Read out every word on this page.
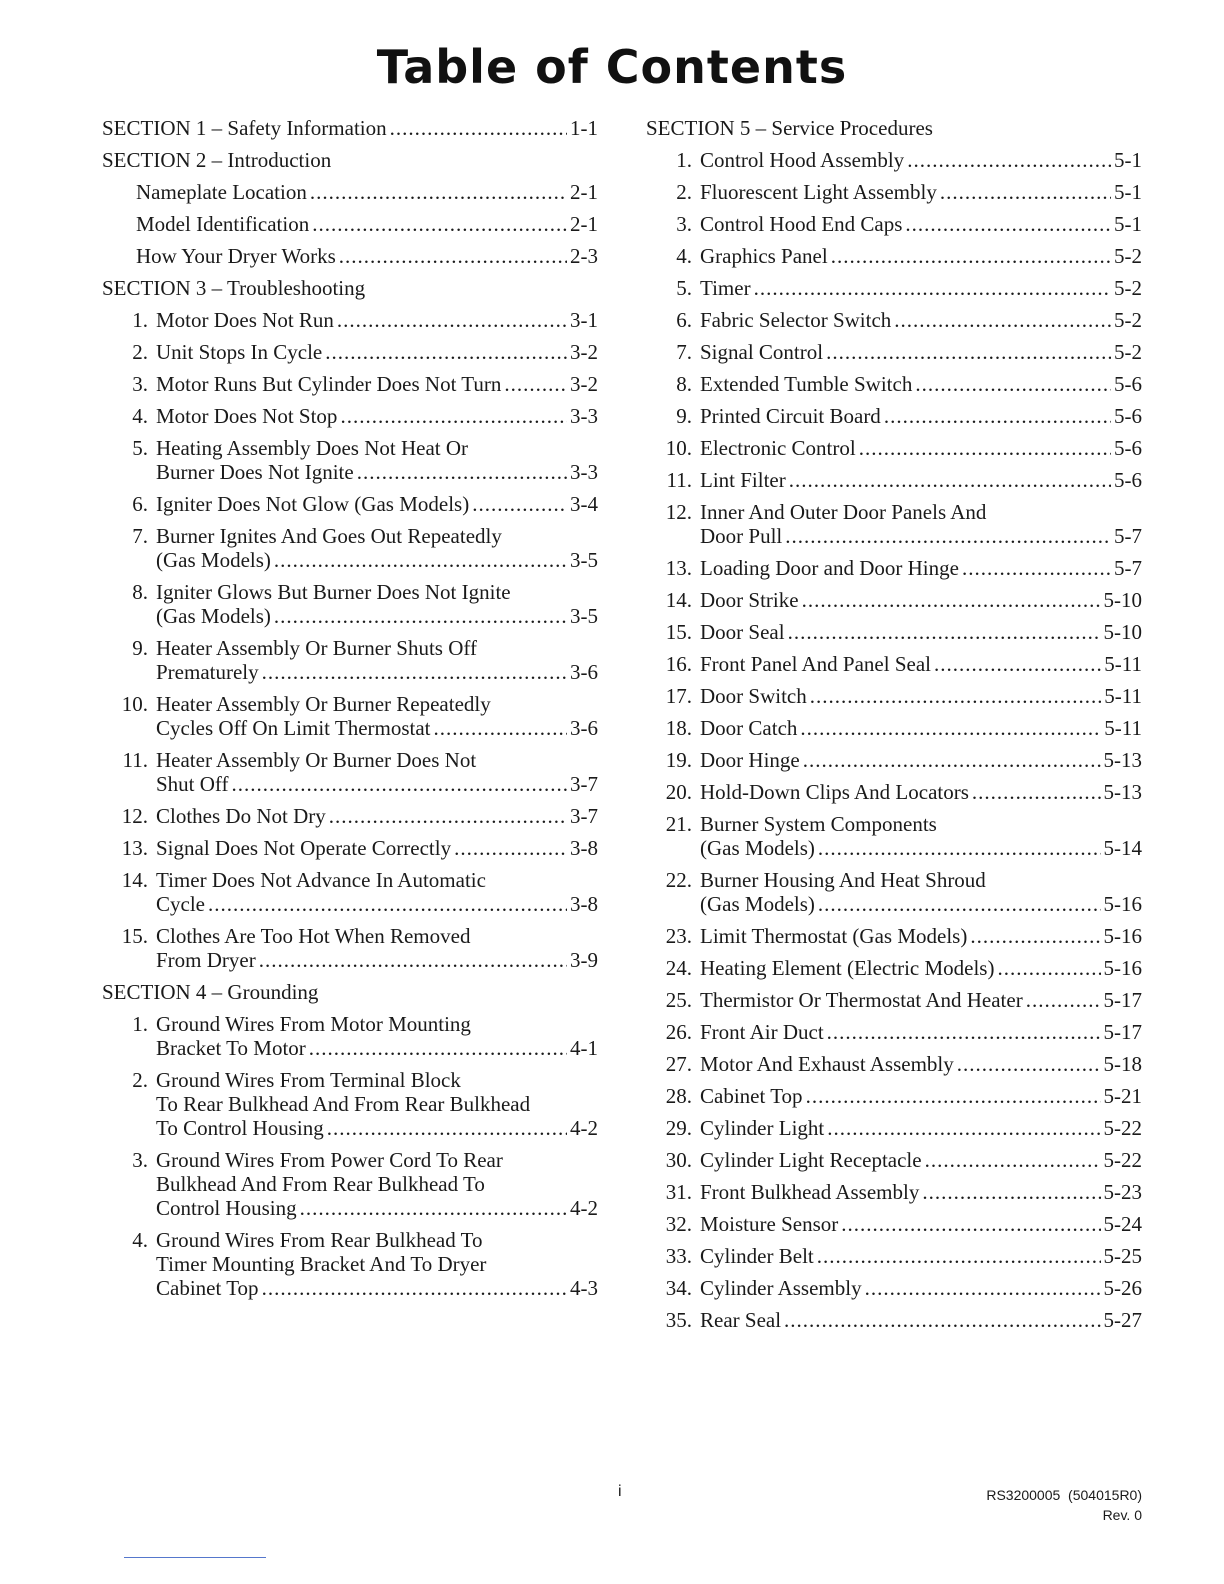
Table of Contents
SECTION 1 – Safety Information .....	1-1
SECTION 2 – Introduction
Nameplate Location .....	2-1
Model Identification .....	2-1
How Your Dryer Works .....	2-3
SECTION 3 – Troubleshooting
1. Motor Does Not Run .....	3-1
2. Unit Stops In Cycle .....	3-2
3. Motor Runs But Cylinder Does Not Turn .....	3-2
4. Motor Does Not Stop .....	3-3
5. Heating Assembly Does Not Heat Or
Burner Does Not Ignite .....	3-3
6. Igniter Does Not Glow (Gas Models) .....	3-4
7. Burner Ignites And Goes Out Repeatedly
(Gas Models) .....	3-5
8. Igniter Glows But Burner Does Not Ignite
(Gas Models) .....	3-5
9. Heater Assembly Or Burner Shuts Off
Prematurely .....	3-6
10. Heater Assembly Or Burner Repeatedly
Cycles Off On Limit Thermostat .....	3-6
11. Heater Assembly Or Burner Does Not
Shut Off .....	3-7
12. Clothes Do Not Dry .....	3-7
13. Signal Does Not Operate Correctly .....	3-8
14. Timer Does Not Advance In Automatic
Cycle .....	3-8
15. Clothes Are Too Hot When Removed
From Dryer .....	3-9
SECTION 4 – Grounding
1. Ground Wires From Motor Mounting
Bracket To Motor .....	4-1
2. Ground Wires From Terminal Block
To Rear Bulkhead And From Rear Bulkhead
To Control Housing .....	4-2
3. Ground Wires From Power Cord To Rear
Bulkhead And From Rear Bulkhead To
Control Housing .....	4-2
4. Ground Wires From Rear Bulkhead To
Timer Mounting Bracket And To Dryer
Cabinet Top .....	4-3
SECTION 5 – Service Procedures
1. Control Hood Assembly .....	5-1
2. Fluorescent Light Assembly .....	5-1
3. Control Hood End Caps .....	5-1
4. Graphics Panel .....	5-2
5. Timer .....	5-2
6. Fabric Selector Switch .....	5-2
7. Signal Control .....	5-2
8. Extended Tumble Switch .....	5-6
9. Printed Circuit Board .....	5-6
10. Electronic Control .....	5-6
11. Lint Filter .....	5-6
12. Inner And Outer Door Panels And
Door Pull .....	5-7
13. Loading Door and Door Hinge .....	5-7
14. Door Strike .....	5-10
15. Door Seal .....	5-10
16. Front Panel And Panel Seal .....	5-11
17. Door Switch .....	5-11
18. Door Catch .....	5-11
19. Door Hinge .....	5-13
20. Hold-Down Clips And Locators .....	5-13
21. Burner System Components
(Gas Models) .....	5-14
22. Burner Housing And Heat Shroud
(Gas Models) .....	5-16
23. Limit Thermostat (Gas Models) .....	5-16
24. Heating Element (Electric Models) .....	5-16
25. Thermistor Or Thermostat And Heater .....	5-17
26. Front Air Duct .....	5-17
27. Motor And Exhaust Assembly .....	5-18
28. Cabinet Top .....	5-21
29. Cylinder Light .....	5-22
30. Cylinder Light Receptacle .....	5-22
31. Front Bulkhead Assembly .....	5-23
32. Moisture Sensor .....	5-24
33. Cylinder Belt .....	5-25
34. Cylinder Assembly .....	5-26
35. Rear Seal .....	5-27
i	RS3200005  (504015R0)
Rev. 0
